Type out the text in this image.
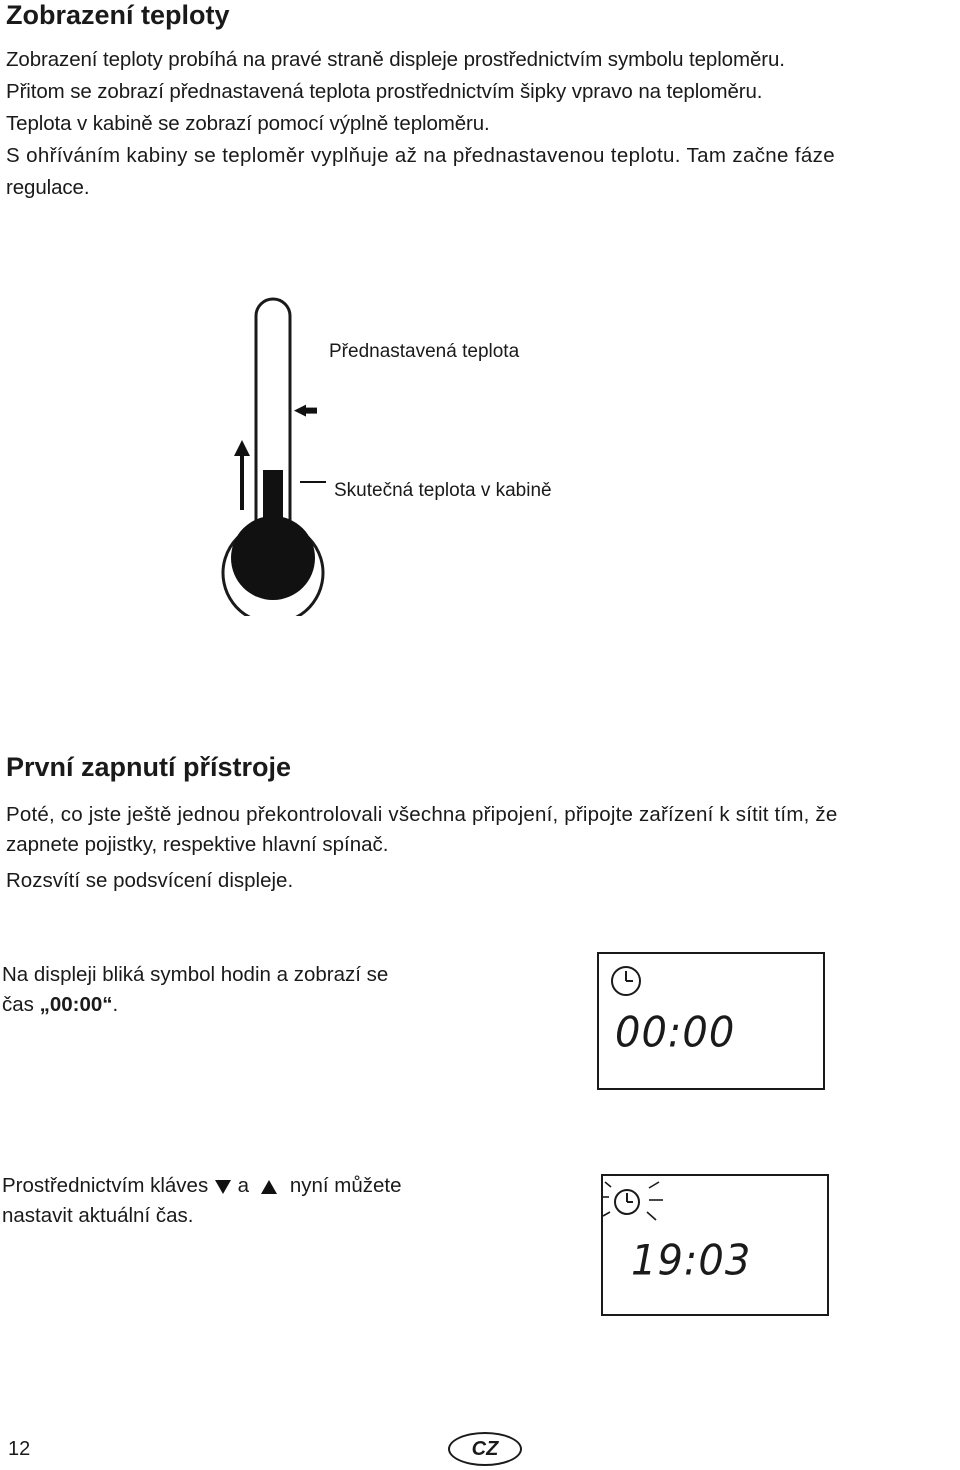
Zobrazení teploty
Zobrazení teploty probíhá na pravé straně displeje prostřednictvím symbolu teploměru.
Přitom se zobrazí přednastavená teplota prostřednictvím šipky vpravo na teploměru.
Teplota v kabině se zobrazí pomocí výplně teploměru.
S ohříváním kabiny se teploměr vyplňuje až na přednastavenou teplotu. Tam začne fáze
regulace.
Přednastavená teplota
Skutečná teplota v kabině
První zapnutí přístroje
Poté, co jste ještě jednou překontrolovali všechna připojení, připojte zařízení k sítit tím, že
zapnete pojistky, respektive hlavní spínač.
Rozsvítí se podsvícení displeje.
Na displeji bliká symbol hodin a zobrazí se
čas „00:00“.
00:00
Prostřednictvím kláves a nyní můžete
nastavit aktuální čas.
19:03
12	CZ
